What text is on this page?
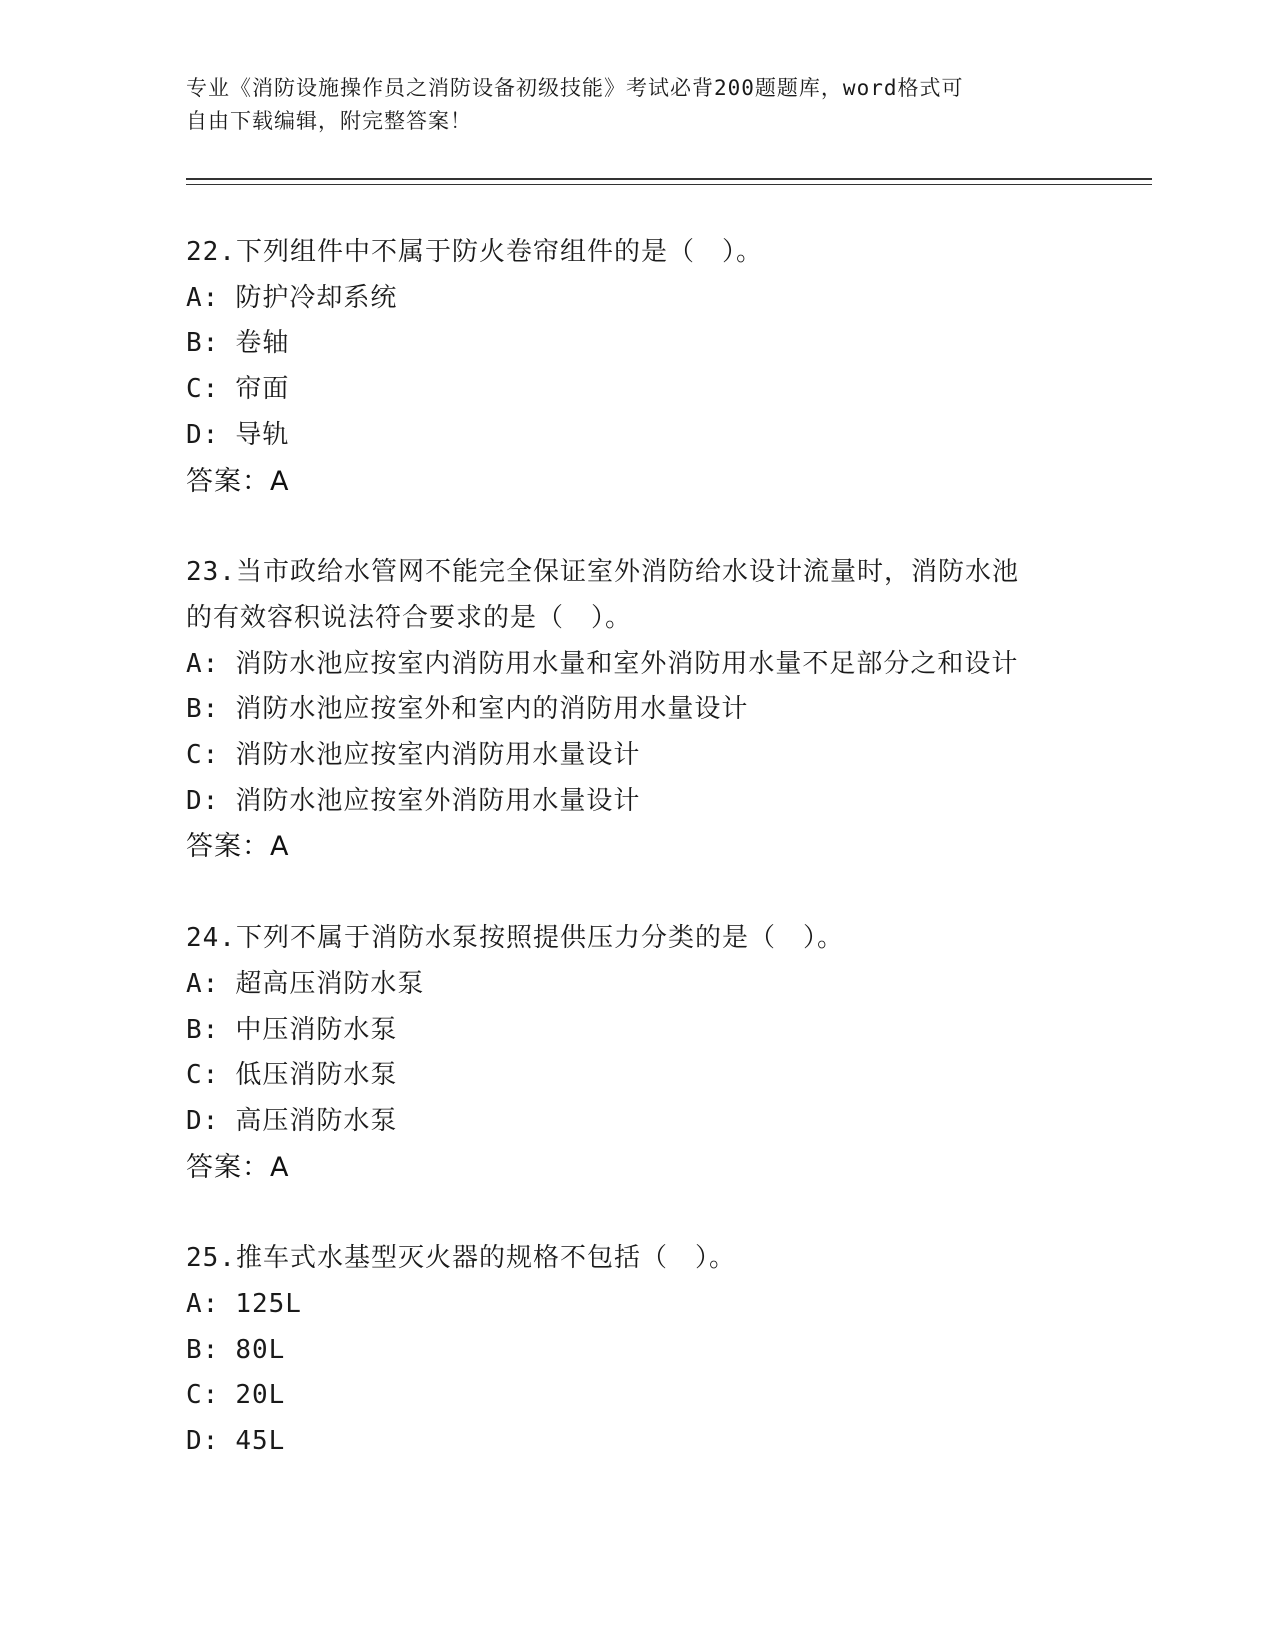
专业《消防设施操作员之消防设备初级技能》考试必背200题题库，word格式可
自由下载编辑，附完整答案！
22.下列组件中不属于防火卷帘组件的是（　）。
A: 防护冷却系统
B: 卷轴
C: 帘面
D: 导轨
答案：A
23.当市政给水管网不能完全保证室外消防给水设计流量时，消防水池
的有效容积说法符合要求的是（　）。
A: 消防水池应按室内消防用水量和室外消防用水量不足部分之和设计
B: 消防水池应按室外和室内的消防用水量设计
C: 消防水池应按室内消防用水量设计
D: 消防水池应按室外消防用水量设计
答案：A
24.下列不属于消防水泵按照提供压力分类的是（　）。
A: 超高压消防水泵
B: 中压消防水泵
C: 低压消防水泵
D: 高压消防水泵
答案：A
25.推车式水基型灭火器的规格不包括（　）。
A: 125L
B: 80L
C: 20L
D: 45L
